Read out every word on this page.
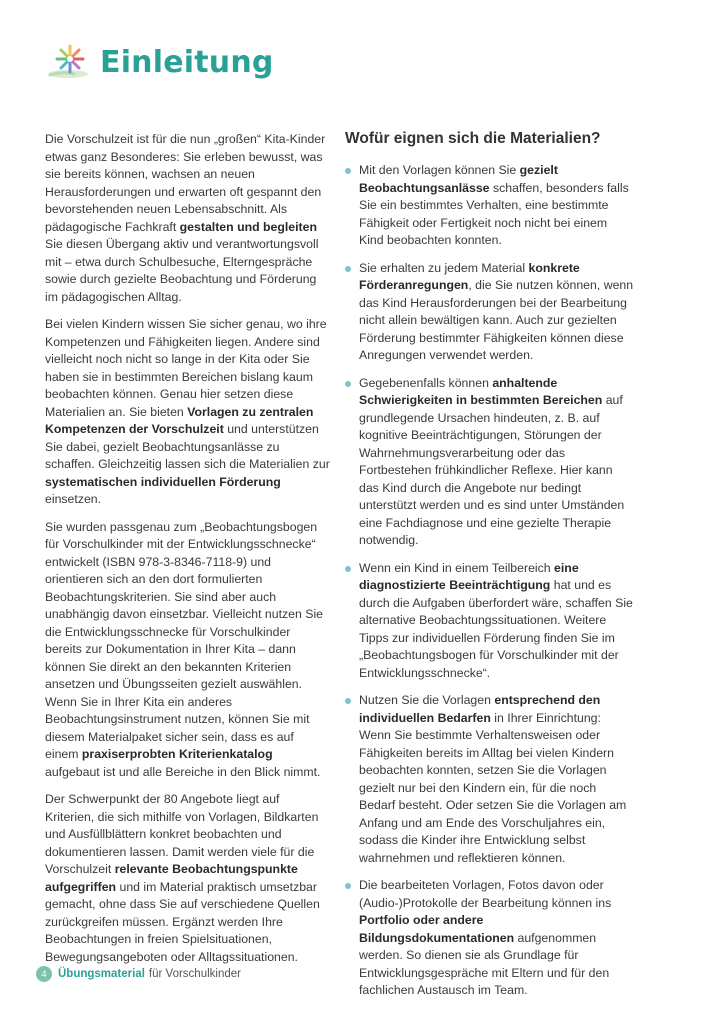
Einleitung

Die Vorschulzeit ist für die nun „großen“ Kita-Kinder etwas ganz Besonderes: Sie erleben bewusst, was sie bereits können, wachsen an neuen Herausforderungen und erwarten oft gespannt den bevorstehenden neuen Lebensabschnitt. Als pädagogische Fachkraft gestalten und begleiten Sie diesen Übergang aktiv und verantwortungsvoll mit – etwa durch Schulbesuche, Elterngespräche sowie durch gezielte Beobachtung und Förderung im pädagogischen Alltag.

Bei vielen Kindern wissen Sie sicher genau, wo ihre Kompetenzen und Fähigkeiten liegen. Andere sind vielleicht noch nicht so lange in der Kita oder Sie haben sie in bestimmten Bereichen bislang kaum beobachten können. Genau hier setzen diese Materialien an. Sie bieten Vorlagen zu zentralen Kompetenzen der Vorschulzeit und unterstützen Sie dabei, gezielt Beobachtungsanlässe zu schaffen. Gleichzeitig lassen sich die Materialien zur systematischen individuellen Förderung einsetzen.

Sie wurden passgenau zum „Beobachtungsbogen für Vorschulkinder mit der Entwicklungsschnecke“ entwickelt (ISBN 978-3-8346-7118-9) und orientieren sich an den dort formulierten Beobachtungskriterien. Sie sind aber auch unabhängig davon einsetzbar. Vielleicht nutzen Sie die Entwicklungsschnecke für Vorschulkinder bereits zur Dokumentation in Ihrer Kita – dann können Sie direkt an den bekannten Kriterien ansetzen und Übungsseiten gezielt auswählen. Wenn Sie in Ihrer Kita ein anderes Beobachtungsinstrument nutzen, können Sie mit diesem Materialpaket sicher sein, dass es auf einem praxiserprobten Kriterienkatalog aufgebaut ist und alle Bereiche in den Blick nimmt.

Der Schwerpunkt der 80 Angebote liegt auf Kriterien, die sich mithilfe von Vorlagen, Bildkarten und Ausfüllblättern konkret beobachten und dokumentieren lassen. Damit werden viele für die Vorschulzeit relevante Beobachtungspunkte aufgegriffen und im Material praktisch umsetzbar gemacht, ohne dass Sie auf verschiedene Quellen zurückgreifen müssen. Ergänzt werden Ihre Beobachtungen in freien Spielsituationen, Bewegungsangeboten oder Alltagssituationen.

Wofür eignen sich die Materialien?
Mit den Vorlagen können Sie gezielt Beobachtungsanlässe schaffen, besonders falls Sie ein bestimmtes Verhalten, eine bestimmte Fähigkeit oder Fertigkeit noch nicht bei einem Kind beobachten konnten.
Sie erhalten zu jedem Material konkrete Förderanregungen, die Sie nutzen können, wenn das Kind Herausforderungen bei der Bearbeitung nicht allein bewältigen kann. Auch zur gezielten Förderung bestimmter Fähigkeiten können diese Anregungen verwendet werden.
Gegebenenfalls können anhaltende Schwierigkeiten in bestimmten Bereichen auf grundlegende Ursachen hindeuten, z. B. auf kognitive Beeinträchtigungen, Störungen der Wahrnehmungsverarbeitung oder das Fortbestehen frühkindlicher Reflexe. Hier kann das Kind durch die Angebote nur bedingt unterstützt werden und es sind unter Umständen eine Fachdiagnose und eine gezielte Therapie notwendig.
Wenn ein Kind in einem Teilbereich eine diagnostizierte Beeinträchtigung hat und es durch die Aufgaben überfordert wäre, schaffen Sie alternative Beobachtungssituationen. Weitere Tipps zur individuellen Förderung finden Sie im „Beobachtungsbogen für Vorschulkinder mit der Entwicklungsschnecke“.
Nutzen Sie die Vorlagen entsprechend den individuellen Bedarfen in Ihrer Einrichtung: Wenn Sie bestimmte Verhaltensweisen oder Fähigkeiten bereits im Alltag bei vielen Kindern beobachten konnten, setzen Sie die Vorlagen gezielt nur bei den Kindern ein, für die noch Bedarf besteht. Oder setzen Sie die Vorlagen am Anfang und am Ende des Vorschuljahres ein, sodass die Kinder ihre Entwicklung selbst wahrnehmen und reflektieren können.
Die bearbeiteten Vorlagen, Fotos davon oder (Audio-)Protokolle der Bearbeitung können ins Portfolio oder andere Bildungsdokumentationen aufgenommen werden. So dienen sie als Grundlage für Entwicklungsgespräche mit Eltern und für den fachlichen Austausch im Team.
4	Übungsmaterial für Vorschulkinder
